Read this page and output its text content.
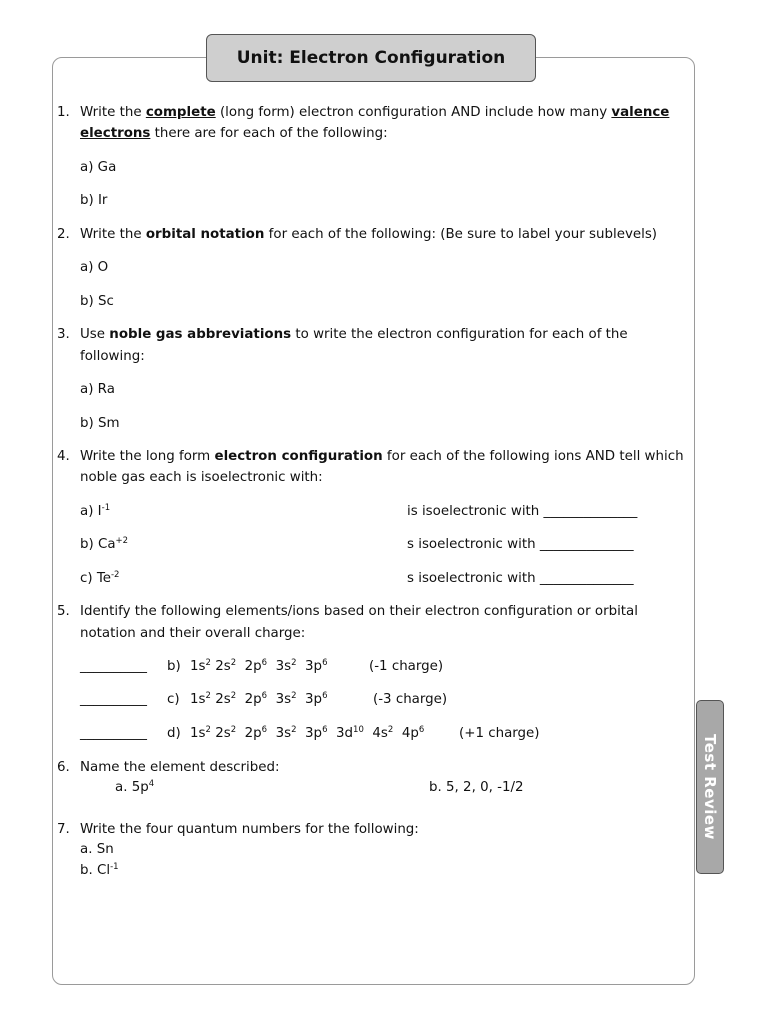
Unit: Electron Configuration
Test Review
1. Write the complete (long form) electron configuration AND include how many valence
electrons there are for each of the following:
a) Ga
b) Ir
2. Write the orbital notation for each of the following: (Be sure to label your sublevels)
a) O
b) Sc
3. Use noble gas abbreviations to write the electron configuration for each of the
following:
a) Ra
b) Sm
4. Write the long form electron configuration for each of the following ions AND tell which
noble gas each is isoelectronic with:
a) $I^{-1}$	is isoelectronic with ______________
b) $Ca^{+2}$	s isoelectronic with ______________
c) $Te^{-2}$	s isoelectronic with ______________
5. Identify the following elements/ions based on their electron configuration or orbital
notation and their overall charge:
__________ b) $1s^2$ $2s^2$ $2p^6$ $3s^2$ $3p^6$	(-1 charge)
__________ c) $1s^2$ $2s^2$ $2p^6$ $3s^2$ $3p^6$	(-3 charge)
__________ d) $1s^2$ $2s^2$ $2p^6$ $3s^2$ $3p^6$ $3d^{10}$ $4s^2$ $4p^6$	(+1 charge)
6. Name the element described:
a. $5p^4$	b. 5, 2, 0, -1/2
7. Write the four quantum numbers for the following:
a. Sn
b. $Cl^{-1}$
